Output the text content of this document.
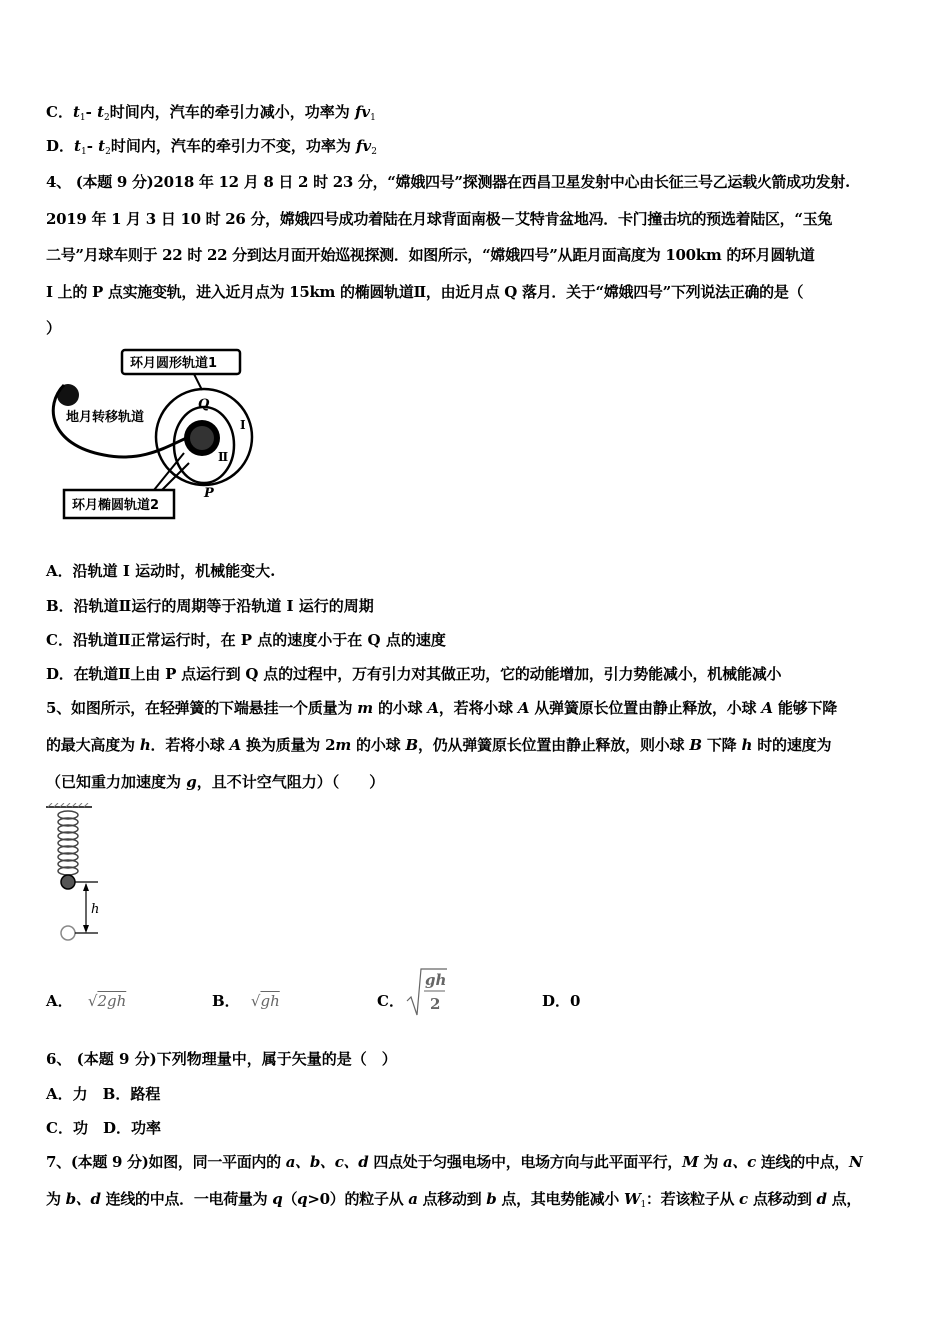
C．$t_1-$ $t_2$时间内，汽车的牵引力减小，功率为 $fv_1$
D．$t_1-$ $t_2$时间内，汽车的牵引力不变，功率为 $fv_2$
4、 (本题 9 分)2018 年 12 月 8 日 2 时 23 分，“嫦娥四号”探测器在西昌卫星发射中心由长征三号乙运载火箭成功发射.
2019 年 1 月 3 日 10 时 26 分，嫦娥四号成功着陆在月球背面南极－艾特肯盆地冯．卡门撞击坑的预选着陆区，“玉兔
二号”月球车则于 22 时 22 分到达月面开始巡视探测．如图所示，“嫦娥四号”从距月面高度为 100km 的环月圆轨道
I 上的 P 点实施变轨，进入近月点为 15km 的椭圆轨道Ⅱ，由近月点 Q 落月．关于“嫦娥四号”下列说法正确的是（
）
环月圆形轨道1
地月转移轨道
环月椭圆轨道2
Q
P
Ⅰ
Ⅱ
A．沿轨道 I 运动时，机械能变大.
B．沿轨道Ⅱ运行的周期等于沿轨道 I 运行的周期
C．沿轨道Ⅱ正常运行时，在 P 点的速度小于在 Q 点的速度
D．在轨道Ⅱ上由 P 点运行到 Q 点的过程中，万有引力对其做正功，它的动能增加，引力势能减小，机械能减小
5、如图所示，在轻弹簧的下端悬挂一个质量为 m 的小球 A，若将小球 A 从弹簧原长位置由静止释放，小球 A 能够下降
的最大高度为 h．若将小球 A 换为质量为 2m 的小球 B，仍从弹簧原长位置由静止释放，则小球 B 下降 h 时的速度为
（已知重力加速度为 g，且不计空气阻力）（　　）
h
A． √2gh	B． √gh	C．
gh
2	D．0
6、 (本题 9 分)下列物理量中，属于矢量的是（　）
A．力　B．路程
C．功　D．功率
7、(本题 9 分)如图，同一平面内的 a、b、c、d 四点处于匀强电场中，电场方向与此平面平行，M 为 a、c 连线的中点，N
为 b、d 连线的中点．一电荷量为 q（q>0）的粒子从 a 点移动到 b 点，其电势能减小 $W_1$：若该粒子从 c 点移动到 d 点，
